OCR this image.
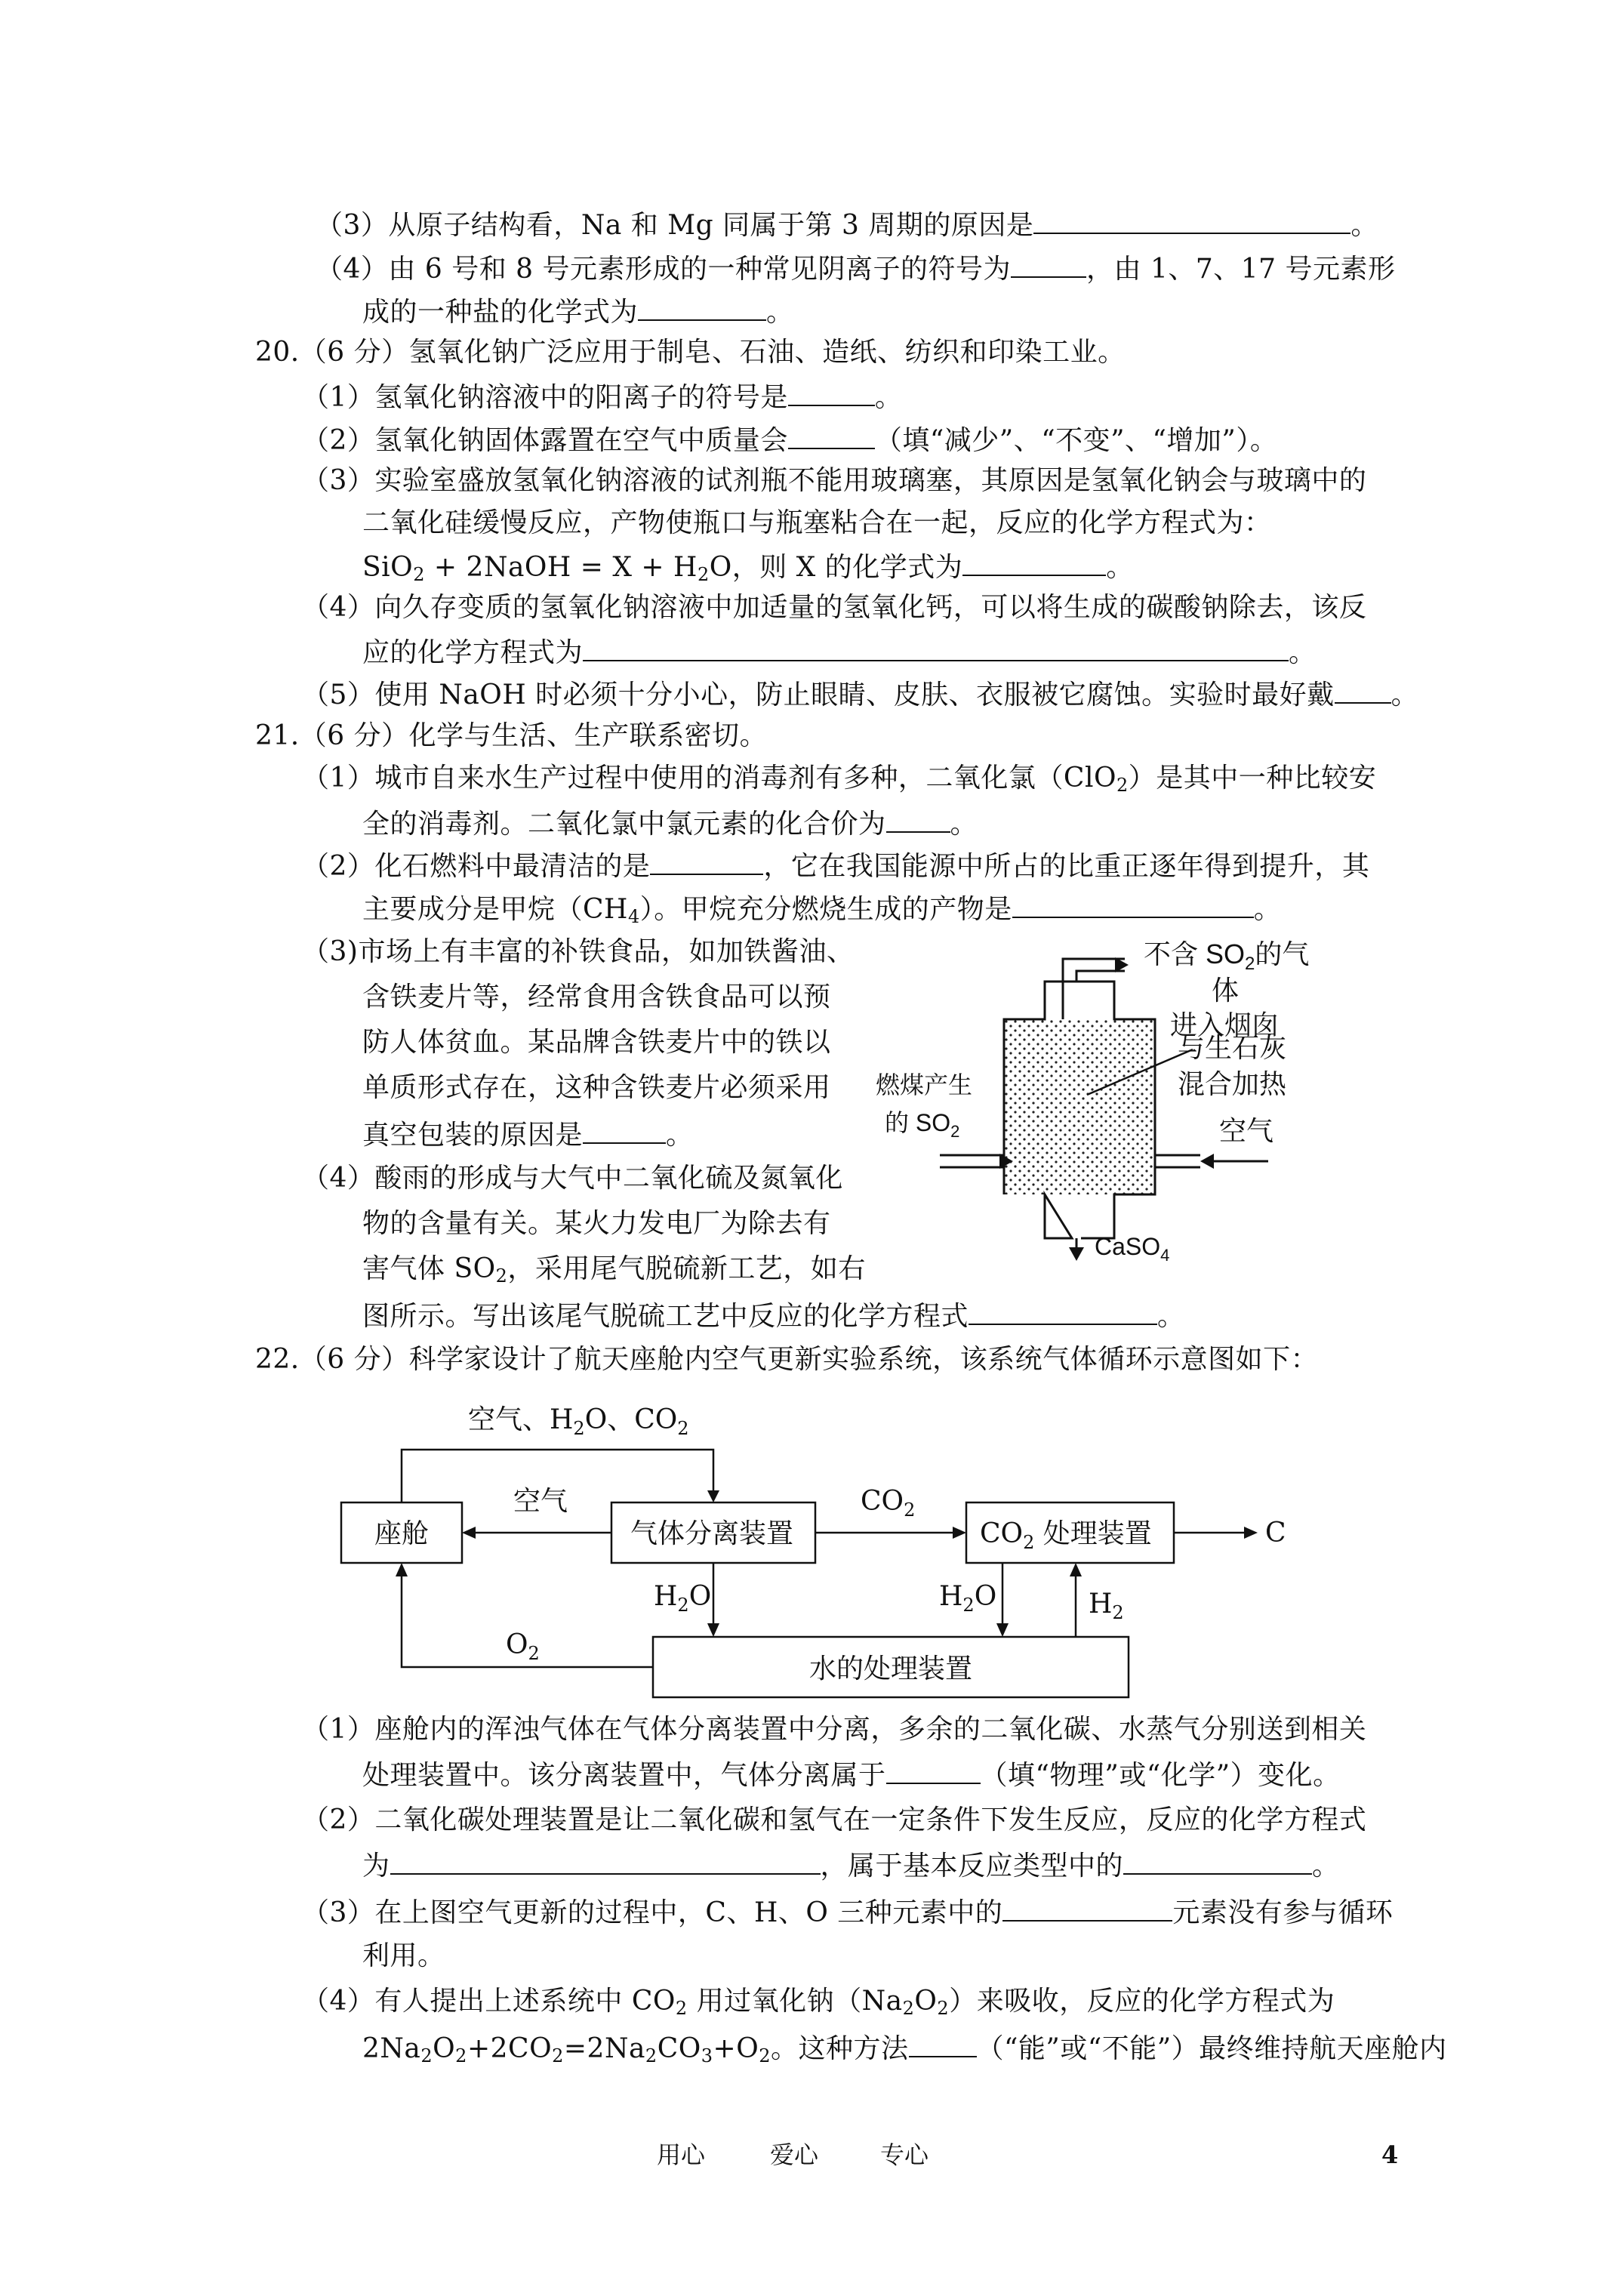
（3）从原子结构看，Na 和 Mg 同属于第 3 周期的原因是	。
（4）由 6 号和 8 号元素形成的一种常见阴离子的符号为	，由 1、7、17 号元素形
成的一种盐的化学式为	。
20.（6 分）氢氧化钠广泛应用于制皂、石油、造纸、纺织和印染工业。
（1）氢氧化钠溶液中的阳离子的符号是	。
（2）氢氧化钠固体露置在空气中质量会	（填“减少”、“不变”、“增加”）。
（3）实验室盛放氢氧化钠溶液的试剂瓶不能用玻璃塞，其原因是氢氧化钠会与玻璃中的
二氧化硅缓慢反应，产物使瓶口与瓶塞粘合在一起，反应的化学方程式为：
SiO$_2$ + 2NaOH = $X + H_2O$，则 X 的化学式为	。
（4）向久存变质的氢氧化钠溶液中加适量的氢氧化钙，可以将生成的碳酸钠除去，该反
应的化学方程式为	。
（5）使用 NaOH 时必须十分小心，防止眼睛、皮肤、衣服被它腐蚀。实验时最好戴 。
21.（6 分）化学与生活、生产联系密切。
（1）城市自来水生产过程中使用的消毒剂有多种，二氧化氯（ClO$_2$）是其中一种比较安
全的消毒剂。二氧化氯中氯元素的化合价为 。
（2）化石燃料中最清洁的是	，它在我国能源中所占的比重正逐年得到提升，其
主要成分是甲烷$(CH_4)$。甲烷充分燃烧生成的产物是	。
（3)市场上有丰富的补铁食品，如加铁酱油、
含铁麦片等，经常食用含铁食品可以预
防人体贫血。某品牌含铁麦片中的铁以
单质形式存在，这种含铁麦片必须采用
真空包装的原因是	。
（4）酸雨的形成与大气中二氧化硫及氮氧化
物的含量有关。某火力发电厂为除去有
害气体 $SO_2$，采用尾气脱硫新工艺，如右
图所示。写出该尾气脱硫工艺中反应的化学方程式	。
不含 $SO_2$的气
体
进入烟囱
与生石灰
混合加热
燃煤产生
的 $SO_2$	空气
CaSO$_4$
22.（6 分）科学家设计了航天座舱内空气更新实验系统，该系统气体循环示意图如下：
空气、$H_2O$、$CO_2$
座舱	气体分离装置	$CO_2$ 处理装置
水的处理装置
空气	$CO_2$
C
$H_2O$	$H_2O$	$H_2$
$O_2$
（1）座舱内的浑浊气体在气体分离装置中分离，多余的二氧化碳、水蒸气分别送到相关
处理装置中。该分离装置中，气体分离属于	（填“物理”或“化学”）变化。
（2）二氧化碳处理装置是让二氧化碳和氢气在一定条件下发生反应，反应的化学方程式
为	，属于基本反应类型中的	。
（3）在上图空气更新的过程中，C、H、O 三种元素中的	元素没有参与循环
利用。
（4）有人提出上述系统中 $CO_2$ 用过氧化钠$(Na_2O_2)$来吸收，反应的化学方程式为
$2Na_2O_2+2CO_2=2Na_2CO_3+O_2$。这种方法	（“能”或“不能”）最终维持航天座舱内
用心	爱心	专心	4
